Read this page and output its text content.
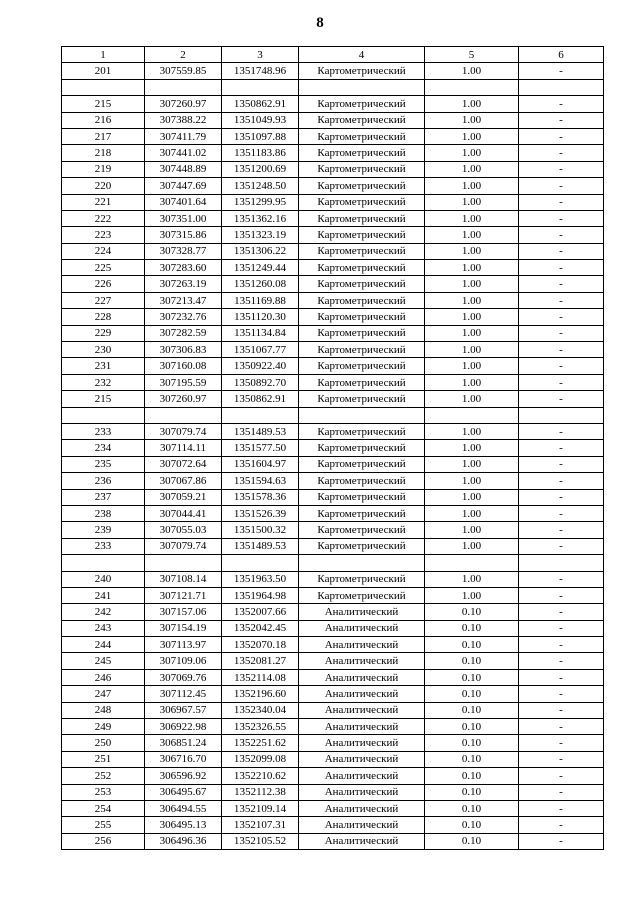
8
1	2	3	4	5	6
201	307559.85	1351748.96	Картометрический	1.00	-

215	307260.97	1350862.91	Картометрический	1.00	-
216	307388.22	1351049.93	Картометрический	1.00	-
217	307411.79	1351097.88	Картометрический	1.00	-
218	307441.02	1351183.86	Картометрический	1.00	-
219	307448.89	1351200.69	Картометрический	1.00	-
220	307447.69	1351248.50	Картометрический	1.00	-
221	307401.64	1351299.95	Картометрический	1.00	-
222	307351.00	1351362.16	Картометрический	1.00	-
223	307315.86	1351323.19	Картометрический	1.00	-
224	307328.77	1351306.22	Картометрический	1.00	-
225	307283.60	1351249.44	Картометрический	1.00	-
226	307263.19	1351260.08	Картометрический	1.00	-
227	307213.47	1351169.88	Картометрический	1.00	-
228	307232.76	1351120.30	Картометрический	1.00	-
229	307282.59	1351134.84	Картометрический	1.00	-
230	307306.83	1351067.77	Картометрический	1.00	-
231	307160.08	1350922.40	Картометрический	1.00	-
232	307195.59	1350892.70	Картометрический	1.00	-
215	307260.97	1350862.91	Картометрический	1.00	-

233	307079.74	1351489.53	Картометрический	1.00	-
234	307114.11	1351577.50	Картометрический	1.00	-
235	307072.64	1351604.97	Картометрический	1.00	-
236	307067.86	1351594.63	Картометрический	1.00	-
237	307059.21	1351578.36	Картометрический	1.00	-
238	307044.41	1351526.39	Картометрический	1.00	-
239	307055.03	1351500.32	Картометрический	1.00	-
233	307079.74	1351489.53	Картометрический	1.00	-

240	307108.14	1351963.50	Картометрический	1.00	-
241	307121.71	1351964.98	Картометрический	1.00	-
242	307157.06	1352007.66	Аналитический	0.10	-
243	307154.19	1352042.45	Аналитический	0.10	-
244	307113.97	1352070.18	Аналитический	0.10	-
245	307109.06	1352081.27	Аналитический	0.10	-
246	307069.76	1352114.08	Аналитический	0.10	-
247	307112.45	1352196.60	Аналитический	0.10	-
248	306967.57	1352340.04	Аналитический	0.10	-
249	306922.98	1352326.55	Аналитический	0.10	-
250	306851.24	1352251.62	Аналитический	0.10	-
251	306716.70	1352099.08	Аналитический	0.10	-
252	306596.92	1352210.62	Аналитический	0.10	-
253	306495.67	1352112.38	Аналитический	0.10	-
254	306494.55	1352109.14	Аналитический	0.10	-
255	306495.13	1352107.31	Аналитический	0.10	-
256	306496.36	1352105.52	Аналитический	0.10	-
